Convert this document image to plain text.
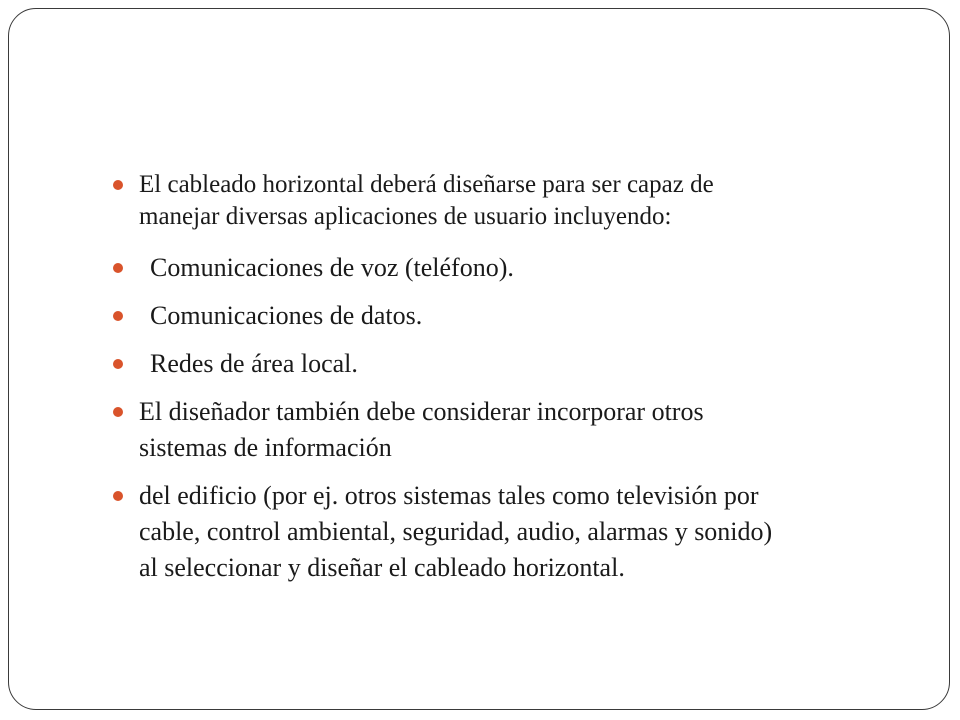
El cableado horizontal deberá diseñarse para ser capaz de
manejar diversas aplicaciones de usuario incluyendo:
Comunicaciones de voz (teléfono).
Comunicaciones de datos.
Redes de área local.
El diseñador también debe considerar incorporar otros
sistemas de información
del edificio (por ej. otros sistemas tales como televisión por
cable, control ambiental, seguridad, audio, alarmas y sonido)
al seleccionar y diseñar el cableado horizontal.
